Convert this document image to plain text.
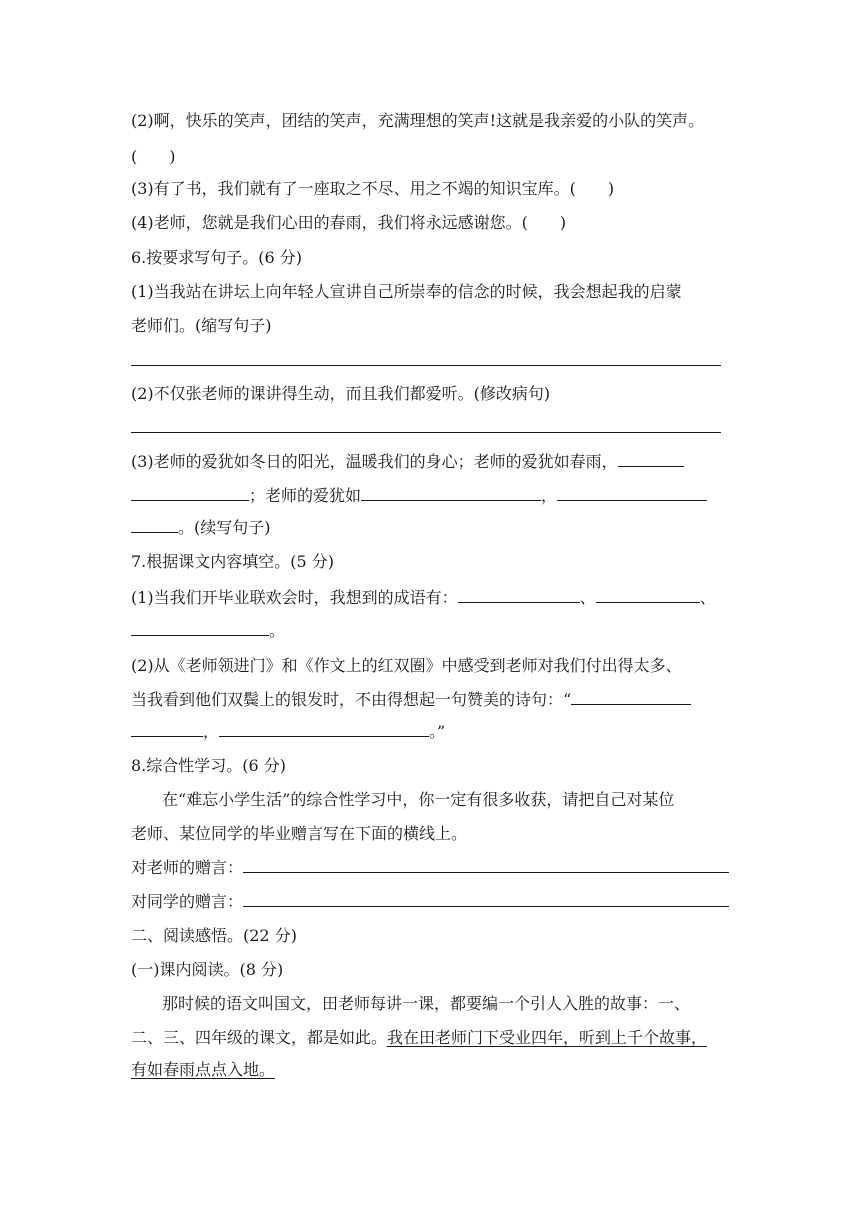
(2)啊，快乐的笑声，团结的笑声，充满理想的笑声!这就是我亲爱的小队的笑声。
(　　)
(3)有了书，我们就有了一座取之不尽、用之不竭的知识宝库。(　　)
(4)老师，您就是我们心田的春雨，我们将永远感谢您。(　　)
6.按要求写句子。(6 分)
(1)当我站在讲坛上向年轻人宣讲自己所崇奉的信念的时候，我会想起我的启蒙
老师们。(缩写句子)
(2)不仅张老师的课讲得生动，而且我们都爱听。(修改病句)
(3)老师的爱犹如冬日的阳光，温暖我们的身心；老师的爱犹如春雨，
；老师的爱犹如	，
。(续写句子)
7.根据课文内容填空。(5 分)
(1)当我们开毕业联欢会时，我想到的成语有：	、	、
。
(2)从《老师领进门》和《作文上的红双圈》中感受到老师对我们付出得太多、
当我看到他们双鬓上的银发时，不由得想起一句赞美的诗句：“
，	。”
8.综合性学习。(6 分)
在“难忘小学生活”的综合性学习中，你一定有很多收获，请把自己对某位
老师、某位同学的毕业赠言写在下面的横线上。
对老师的赠言：
对同学的赠言：
二、阅读感悟。(22 分)
(一)课内阅读。(8 分)
那时候的语文叫国文，田老师每讲一课，都要编一个引人入胜的故事：一、
二、三、四年级的课文，都是如此。我在田老师门下受业四年，听到上千个故事，
有如春雨点点入地。
